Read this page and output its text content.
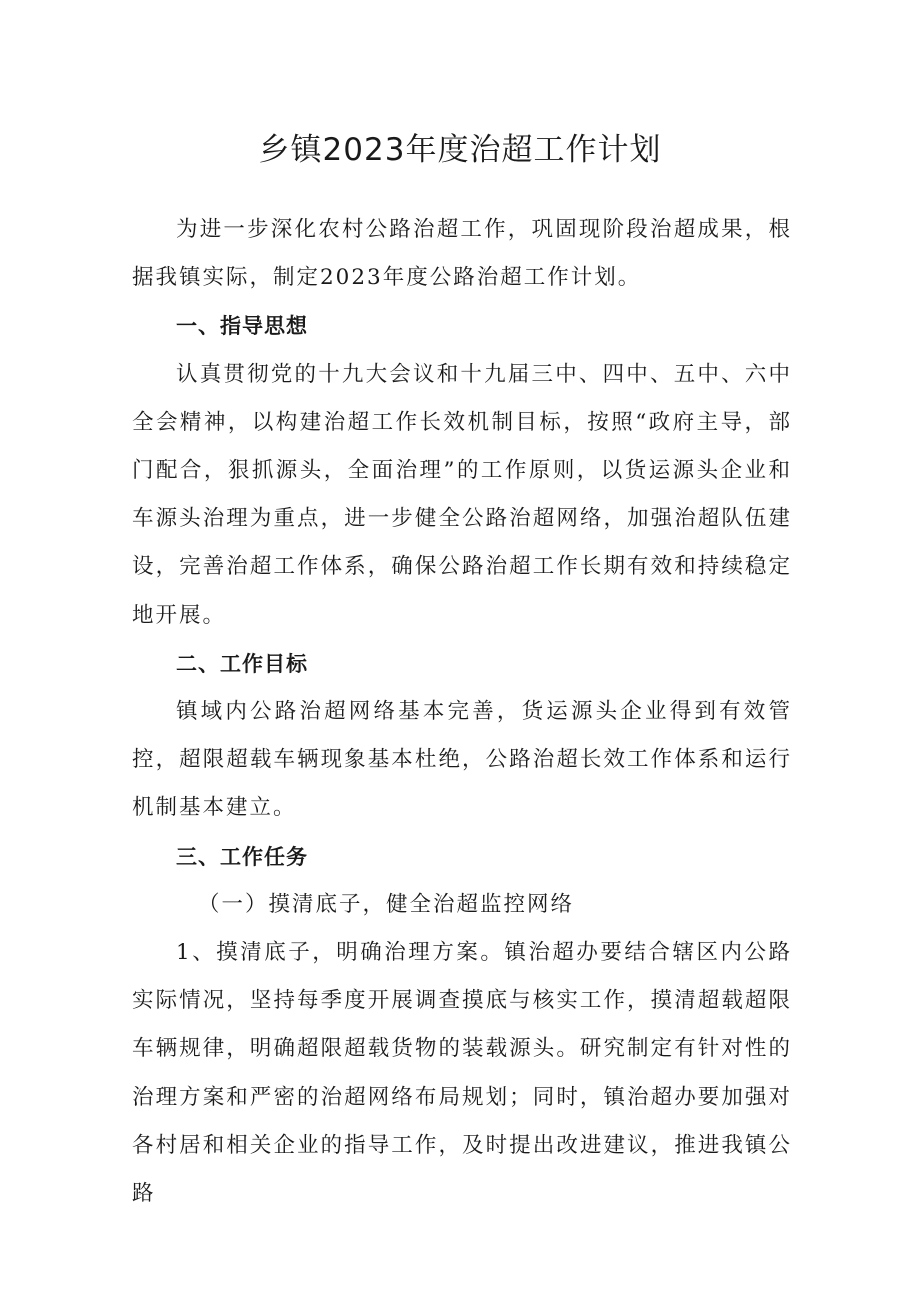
乡镇2023年度治超工作计划

为进一步深化农村公路治超工作，巩固现阶段治超成果，根据我镇实际，制定2023年度公路治超工作计划。

一、指导思想

认真贯彻党的十九大会议和十九届三中、四中、五中、六中全会精神，以构建治超工作长效机制目标，按照“政府主导，部门配合，狠抓源头，全面治理”的工作原则，以货运源头企业和车源头治理为重点，进一步健全公路治超网络，加强治超队伍建设，完善治超工作体系，确保公路治超工作长期有效和持续稳定地开展。

二、工作目标

镇域内公路治超网络基本完善，货运源头企业得到有效管控，超限超载车辆现象基本杜绝，公路治超长效工作体系和运行机制基本建立。

三、工作任务

（一）摸清底子，健全治超监控网络

1、摸清底子，明确治理方案。镇治超办要结合辖区内公路实际情况，坚持每季度开展调查摸底与核实工作，摸清超载超限车辆规律，明确超限超载货物的装载源头。研究制定有针对性的治理方案和严密的治超网络布局规划；同时，镇治超办要加强对各村居和相关企业的指导工作，及时提出改进建议，推进我镇公路
